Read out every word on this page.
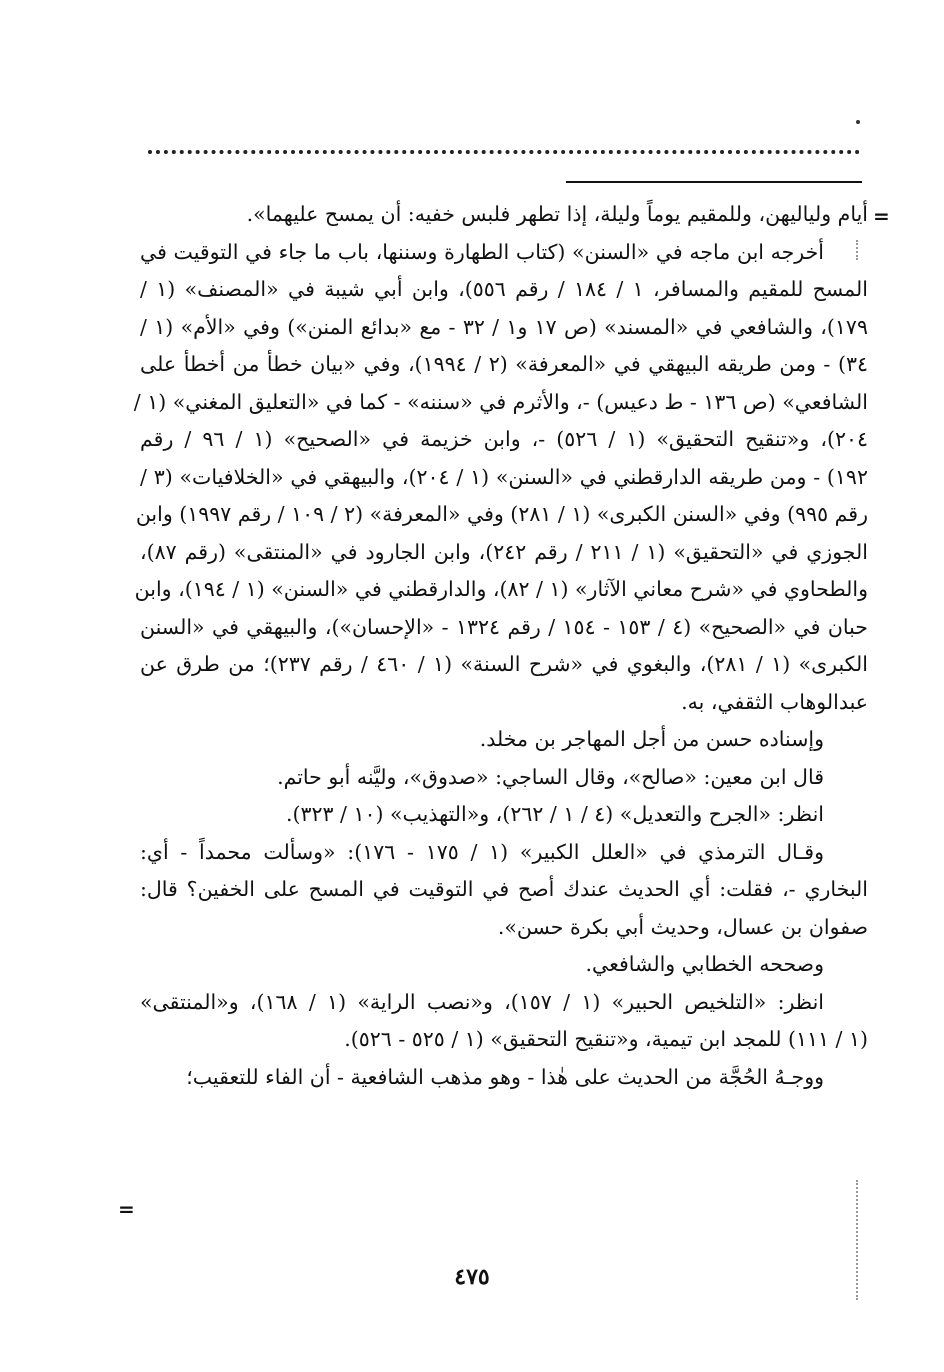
=
=
أيام ولياليهن، وللمقيم يوماً وليلة، إذا تطهر فلبس خفيه: أن يمسح عليهما».
أخرجه ابن ماجه في «السنن» (كتاب الطهارة وسننها، باب ما جاء في التوقيت في
المسح للمقيم والمسافر، ١ / ١٨٤ / رقم ٥٥٦)، وابن أبي شيبة في «المصنف» (١ /
١٧٩)، والشافعي في «المسند» (ص ١٧ و١ / ٣٢ - مع «بدائع المنن») وفي «الأم» (١ /
٣٤) - ومن طريقه البيهقي في «المعرفة» (٢ / ١٩٩٤)، وفي «بيان خطأ من أخطأ على
الشافعي» (ص ١٣٦ - ط دعيس) -، والأثرم في «سننه» - كما في «التعليق المغني» (١ /
٢٠٤)، و«تنقيح التحقيق» (١ / ٥٢٦) -، وابن خزيمة في «الصحيح» (١ / ٩٦ / رقم
١٩٢) - ومن طريقه الدارقطني في «السنن» (١ / ٢٠٤)، والبيهقي في «الخلافيات» (٣ /
رقم ٩٩٥) وفي «السنن الكبرى» (١ / ٢٨١) وفي «المعرفة» (٢ / ١٠٩ / رقم ١٩٩٧) وابن
الجوزي في «التحقيق» (١ / ٢١١ / رقم ٢٤٢)، وابن الجارود في «المنتقى» (رقم ٨٧)،
والطحاوي في «شرح معاني الآثار» (١ / ٨٢)، والدارقطني في «السنن» (١ / ١٩٤)، وابن
حبان في «الصحيح» (٤ / ١٥٣ - ١٥٤ / رقم ١٣٢٤ - «الإحسان»)، والبيهقي في «السنن
الكبرى» (١ / ٢٨١)، والبغوي في «شرح السنة» (١ / ٤٦٠ / رقم ٢٣٧)؛ من طرق عن
عبدالوهاب الثقفي، به.
وإسناده حسن من أجل المهاجر بن مخلد.
قال ابن معين: «صالح»، وقال الساجي: «صدوق»، وليَّنه أبو حاتم.
انظر: «الجرح والتعديل» (٤ / ١ / ٢٦٢)، و«التهذيب» (١٠ / ٣٢٣).
وقـال الترمذي في «العلل الكبير» (١ / ١٧٥ - ١٧٦): «وسألت محمداً - أي:
البخاري -، فقلت: أي الحديث عندك أصح في التوقيت في المسح على الخفين؟ قال:
صفوان بن عسال، وحديث أبي بكرة حسن».
وصححه الخطابي والشافعي.
انظر: «التلخيص الحبير» (١ / ١٥٧)، و«نصب الراية» (١ / ١٦٨)، و«المنتقى»
(١ / ١١١) للمجد ابن تيمية، و«تنقيح التحقيق» (١ / ٥٢٥ - ٥٢٦).
ووجـهُ الحُجَّة من الحديث على هٰذا - وهو مذهب الشافعية - أن الفاء للتعقيب؛
٤٧٥
